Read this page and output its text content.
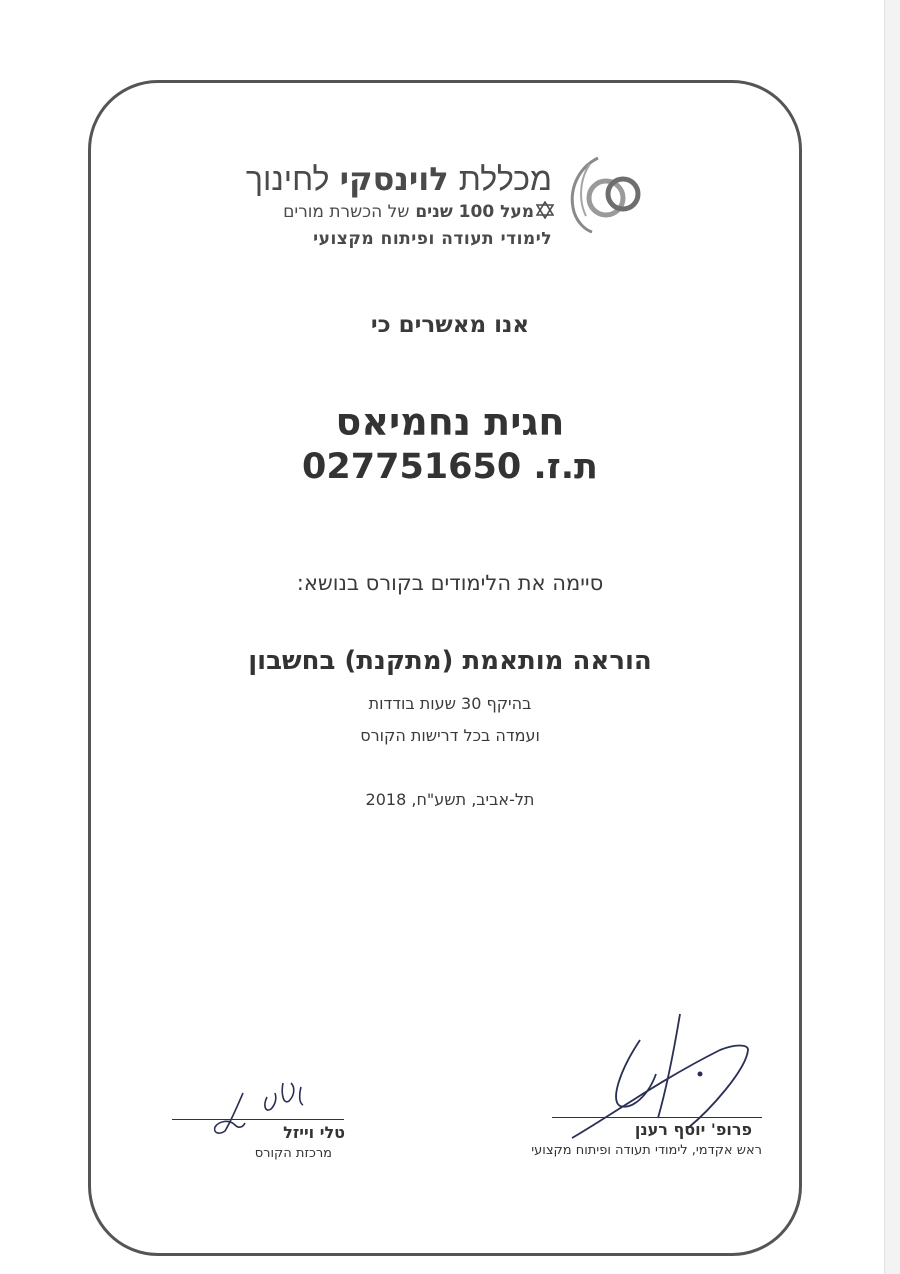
מכללת לוינסקי לחינוך
מעל 100 שנים של הכשרת מורים
לימודי תעודה ופיתוח מקצועי
אנו מאשרים כי
חגית נחמיאס
ת.ז. 027751650
סיימה את הלימודים בקורס בנושא:
הוראה מותאמת (מתקנת) בחשבון
בהיקף 30 שעות בודדות
ועמדה בכל דרישות הקורס
תל-אביב, תשע"ח, 2018
טלי וייזל
מרכזת הקורס
פרופ' יוסף רענן
ראש אקדמי, לימודי תעודה ופיתוח מקצועי
